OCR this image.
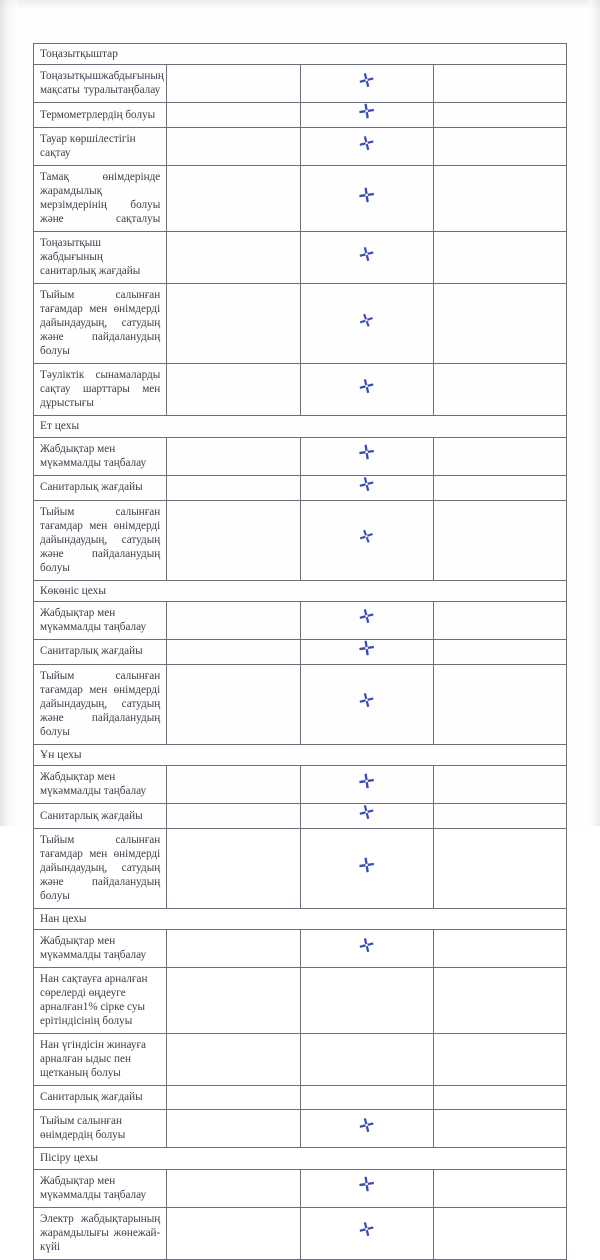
Тоңазытқыштар			
Тоңазытқышжабдығының мақсаты туралытаңбалау		✛	
Термометрлердің болуы		✛	
Тауар көршілестігін сақтау		✛	
Тамақ өнімдерінде жарамдылық мерзімдерінің болуы және сақталуы		✛	
Тоңазытқыш жабдығының санитарлық жағдайы		✛	
Тыйым салынған тағамдар мен өнімдерді дайындаудың, сатудың және пайдаланудың болуы		✛	
Тәуліктік сынамаларды сақтау шарттары мен дұрыстығы		✛	
Ет цехы			
Жабдықтар мен мүкәммалды таңбалау		✛	
Санитарлық жағдайы		✛	
Тыйым салынған тағамдар мен өнімдерді дайындаудың, сатудың және пайдаланудың болуы		✛	
Көкөніс цехы			
Жабдықтар мен мүкәммалды таңбалау		✛	
Санитарлық жағдайы		✛	
Тыйым салынған тағамдар мен өнімдерді дайындаудың, сатудың және пайдаланудың болуы		✛	
Ұн цехы			
Жабдықтар мен мүкәммалды таңбалау		✛	
Санитарлық жағдайы		✛	
Тыйым салынған тағамдар мен өнімдерді дайындаудың, сатудың және пайдаланудың болуы		✛	
Нан цехы			
Жабдықтар мен мүкәммалды таңбалау		✛	
Нан сақтауға арналған сөрелерді өңдеуге арналған1% сірке суы ерітіндісінің болуы			
Нан үгіндісін жинауға арналған ыдыс пен щетканың болуы			
Санитарлық жағдайы			
Тыйым салынған өнімдердің болуы		✛	
Пісіру цехы			
Жабдықтар мен мүкәммалды таңбалау		✛	
Электр жабдықтарының жарамдылығы жөнежай-күйі		✛	
